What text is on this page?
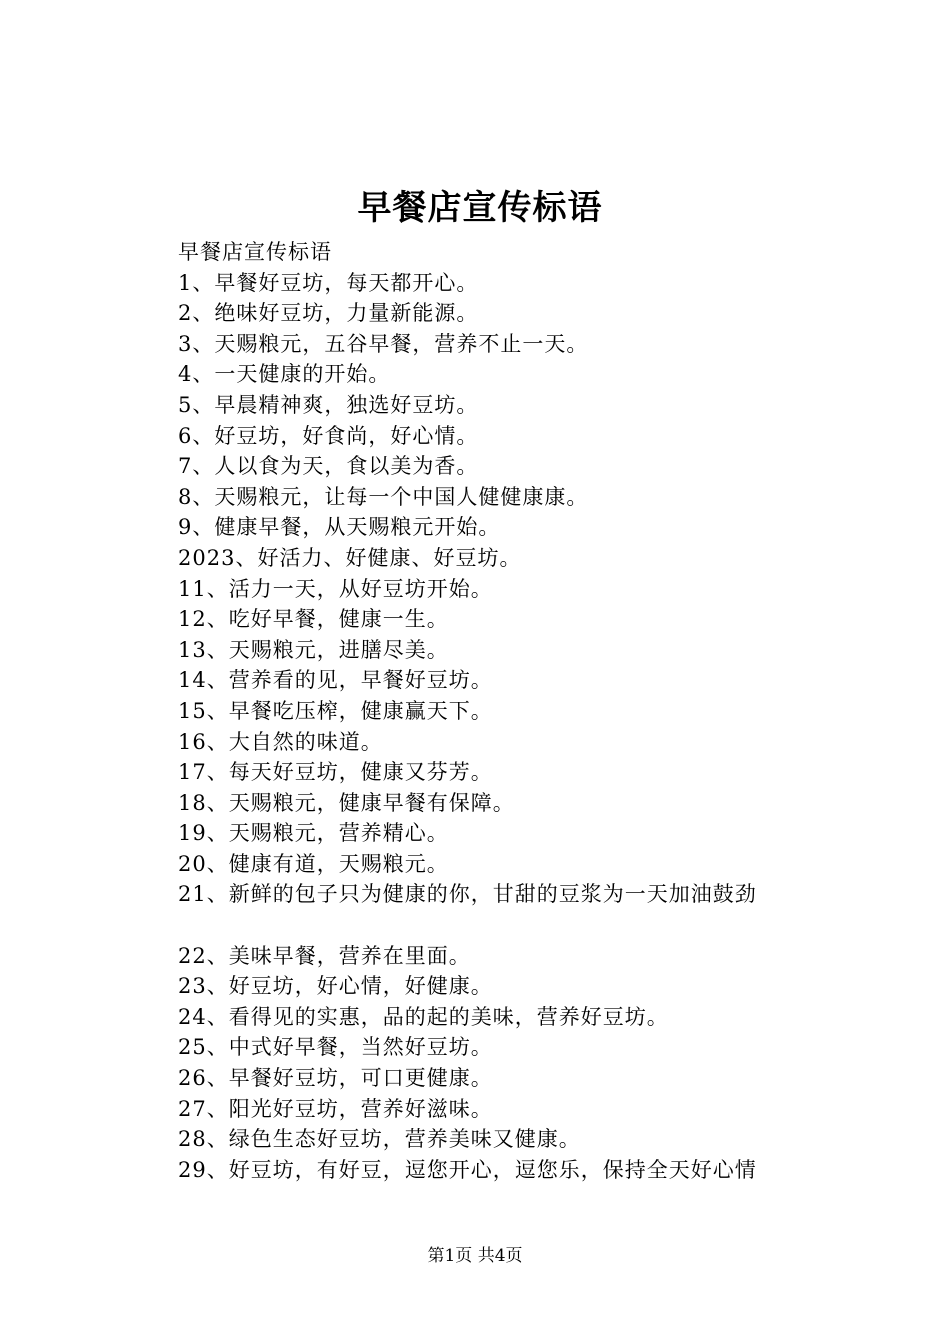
早餐店宣传标语
早餐店宣传标语
1、早餐好豆坊，每天都开心。
2、绝味好豆坊，力量新能源。
3、天赐粮元，五谷早餐，营养不止一天。
4、一天健康的开始。
5、早晨精神爽，独选好豆坊。
6、好豆坊，好食尚，好心情。
7、人以食为天，食以美为香。
8、天赐粮元，让每一个中国人健健康康。
9、健康早餐，从天赐粮元开始。
2023、好活力、好健康、好豆坊。
11、活力一天，从好豆坊开始。
12、吃好早餐，健康一生。
13、天赐粮元，进膳尽美。
14、营养看的见，早餐好豆坊。
15、早餐吃压榨，健康赢天下。
16、大自然的味道。
17、每天好豆坊，健康又芬芳。
18、天赐粮元，健康早餐有保障。
19、天赐粮元，营养精心。
20、健康有道，天赐粮元。
21、新鲜的包子只为健康的你，甘甜的豆浆为一天加油鼓劲
22、美味早餐，营养在里面。
23、好豆坊，好心情，好健康。
24、看得见的实惠，品的起的美味，营养好豆坊。
25、中式好早餐，当然好豆坊。
26、早餐好豆坊，可口更健康。
27、阳光好豆坊，营养好滋味。
28、绿色生态好豆坊，营养美味又健康。
29、好豆坊，有好豆，逗您开心，逗您乐，保持全天好心情
第1页 共4页
